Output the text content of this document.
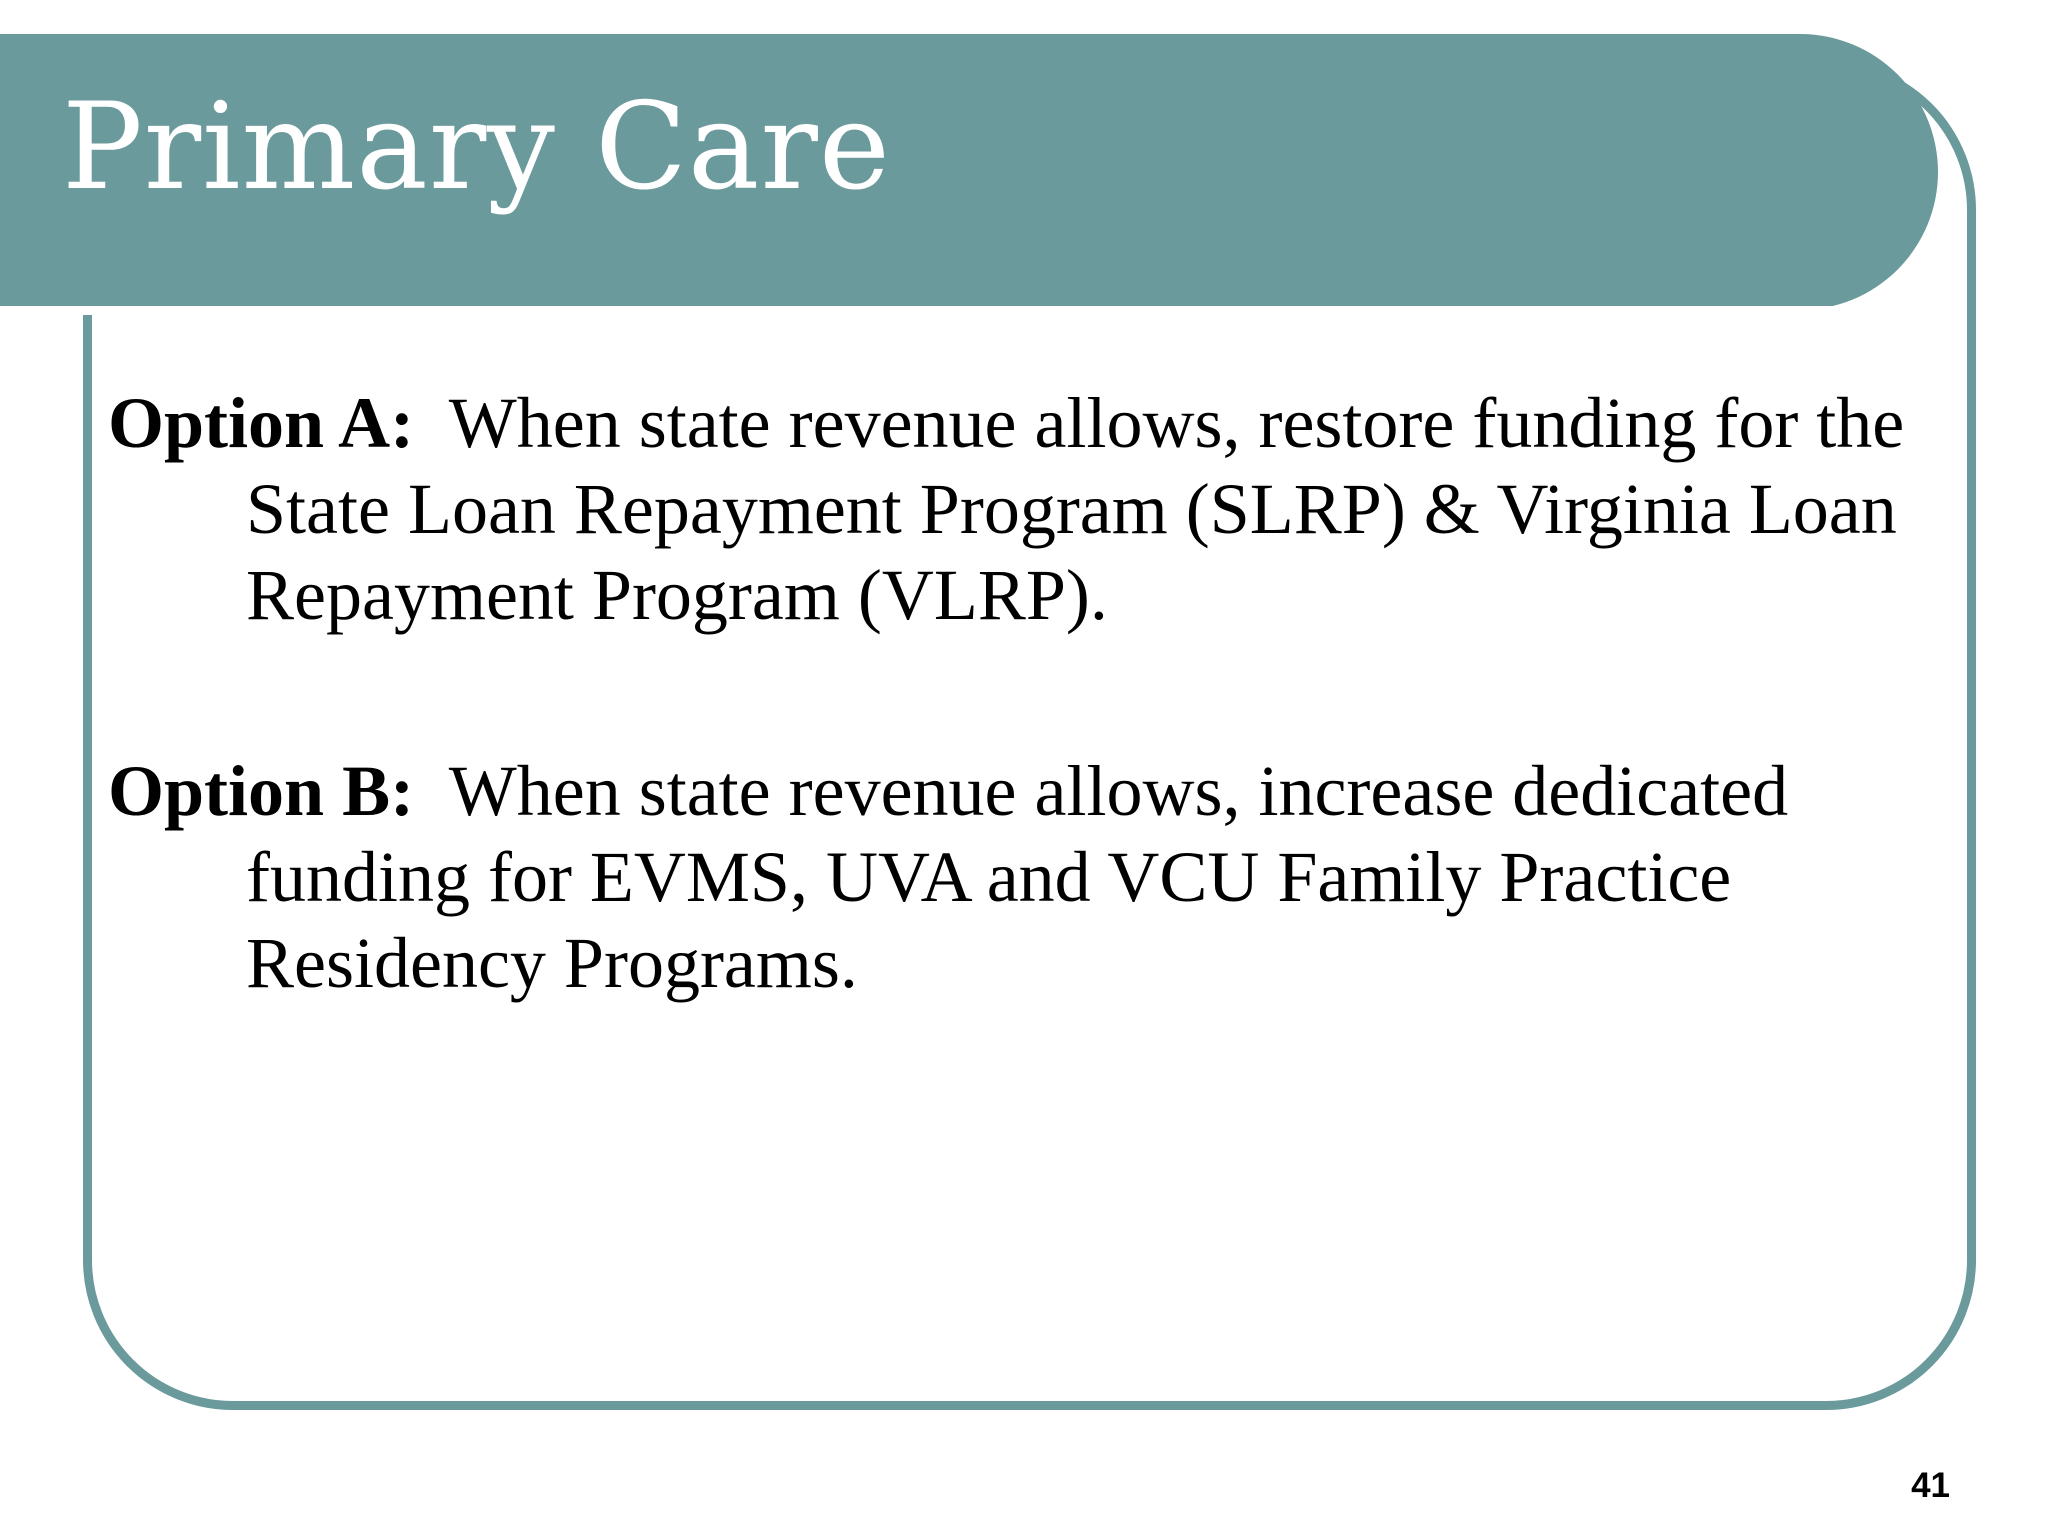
Primary Care

Option A: When state revenue allows, restore funding for the State Loan Repayment Program (SLRP) & Virginia Loan Repayment Program (VLRP).

Option B: When state revenue allows, increase dedicated funding for EVMS, UVA and VCU Family Practice Residency Programs.

41
